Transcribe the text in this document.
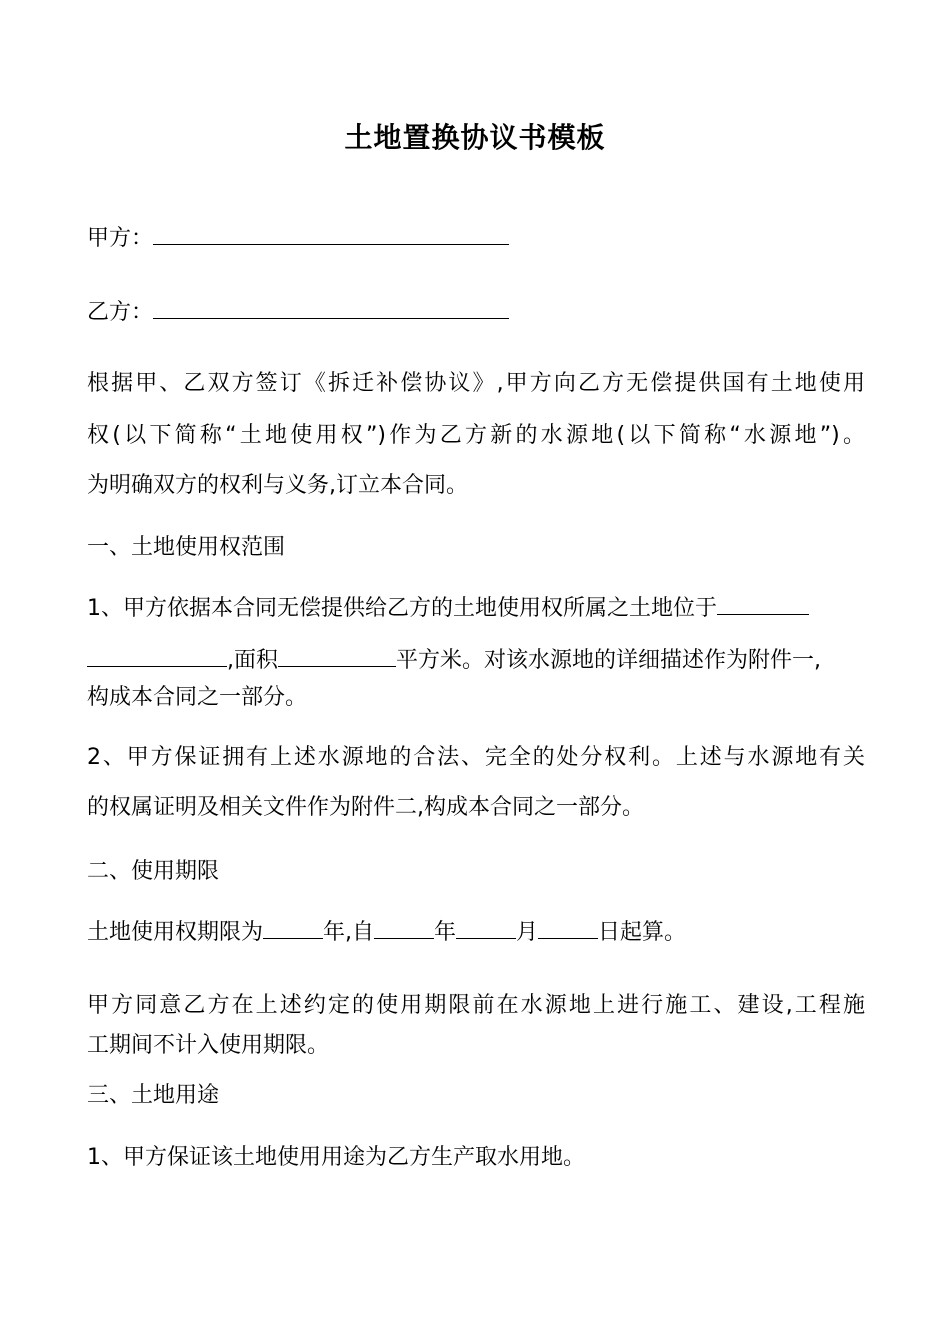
土地置换协议书模板
甲方：
乙方：
根据甲、乙双方签订《拆迁补偿协议》,甲方向乙方无偿提供国有土地使用
权(以下简称“土地使用权”)作为乙方新的水源地(以下简称“水源地”)。
为明确双方的权利与义务,订立本合同。
一、土地使用权范围
1、甲方依据本合同无偿提供给乙方的土地使用权所属之土地位于
,面积	平方米。对该水源地的详细描述作为附件一,
构成本合同之一部分。
2、甲方保证拥有上述水源地的合法、完全的处分权利。上述与水源地有关
的权属证明及相关文件作为附件二,构成本合同之一部分。
二、使用期限
土地使用权期限为	年,自	年	月	日起算。
甲方同意乙方在上述约定的使用期限前在水源地上进行施工、建设,工程施
工期间不计入使用期限。
三、土地用途
1、甲方保证该土地使用用途为乙方生产取水用地。
